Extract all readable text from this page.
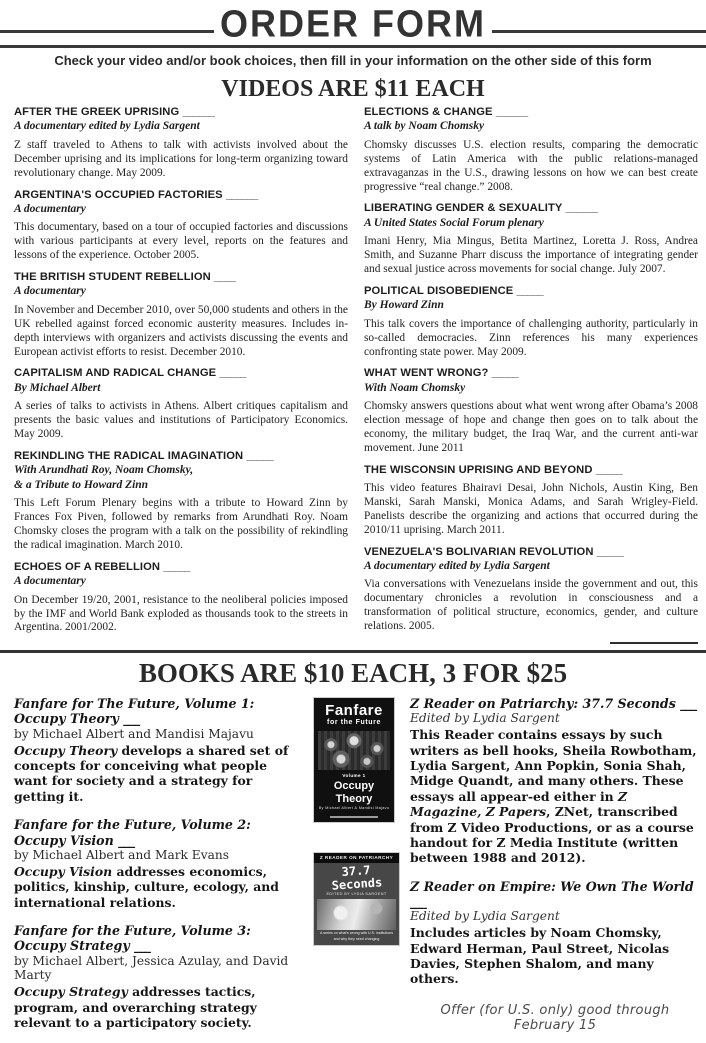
ORDER FORM

Check your video and/or book choices, then fill in your information on the other side of this form

VIDEOS ARE $11 EACH
AFTER THE GREEK UPRISING ______

A documentary edited by Lydia Sargent

Z staff traveled to Athens to talk with activists involved about the December uprising and its implications for long-term organizing toward revolutionary change. May 2009.

ARGENTINA'S OCCUPIED FACTORIES ______

A documentary

This documentary, based on a tour of occupied factories and discussions with various participants at every level, reports on the features and lessons of the experience. October 2005.

THE BRITISH STUDENT REBELLION ____

A documentary

In November and December 2010, over 50,000 students and others in the UK rebelled against forced economic austerity measures. Includes in-depth interviews with organizers and activists discussing the events and European activist efforts to resist. December 2010.

CAPITALISM AND RADICAL CHANGE _____

By Michael Albert

A series of talks to activists in Athens. Albert critiques capitalism and presents the basic values and institutions of Participatory Economics. May 2009.

REKINDLING THE RADICAL IMAGINATION _____

With Arundhati Roy, Noam Chomsky,

& a Tribute to Howard Zinn

This Left Forum Plenary begins with a tribute to Howard Zinn by Frances Fox Piven, followed by remarks from Arundhati Roy. Noam Chomsky closes the program with a talk on the possibility of rekindling the radical imagination. March 2010.

ECHOES OF A REBELLION _____

A documentary

On December 19/20, 2001, resistance to the neoliberal policies imposed by the IMF and World Bank exploded as thousands took to the streets in Argentina. 2001/2002.

ELECTIONS & CHANGE ______

A talk by Noam Chomsky

Chomsky discusses U.S. election results, comparing the democratic systems of Latin America with the public relations-managed extravaganzas in the U.S., drawing lessons on how we can best create progressive “real change.” 2008.

LIBERATING GENDER & SEXUALITY ______

A United States Social Forum plenary

Imani Henry, Mia Mingus, Betita Martinez, Loretta J. Ross, Andrea Smith, and Suzanne Pharr discuss the importance of integrating gender and sexual justice across movements for social change. July 2007.

POLITICAL DISOBEDIENCE _____

By Howard Zinn

This talk covers the importance of challenging authority, particularly in so-called democracies. Zinn references his many experiences confronting state power. May 2009.

WHAT WENT WRONG? _____

With Noam Chomsky

Chomsky answers questions about what went wrong after Obama’s 2008 election message of hope and change then goes on to talk about the economy, the military budget, the Iraq War, and the current anti-war movement. June 2011

THE WISCONSIN UPRISING AND BEYOND _____

This video features Bhairavi Desai, John Nichols, Austin King, Ben Manski, Sarah Manski, Monica Adams, and Sarah Wrigley-Field. Panelists describe the organizing and actions that occurred during the 2010/11 uprising. March 2011.

VENEZUELA'S BOLIVARIAN REVOLUTION _____

A documentary edited by Lydia Sargent

Via conversations with Venezuelans inside the government and out, this documentary chronicles a revolution in consciousness and a transformation of political structure, economics, gender, and culture relations. 2005.

BOOKS ARE $10 EACH, 3 FOR $25
Fanfare for The Future, Volume 1: Occupy Theory ___

by Michael Albert and Mandisi Majavu

Occupy Theory develops a shared set of concepts for conceiving what people want for society and a strategy for getting it.

Fanfare for the Future, Volume 2: Occupy Vision ___

by Michael Albert and Mark Evans

Occupy Vision addresses economics, politics, kinship, culture, ecology, and international relations.

Fanfare for the Future, Volume 3: Occupy Strategy ___

by Michael Albert, Jessica Azulay, and David Marty

Occupy Strategy addresses tactics, program, and overarching strategy relevant to a participatory society.

Fanfare
for the Future
Volume 1
Occupy Theory
By Michael Albert & Mandisi Majavu
Z READER ON PATRIARCHY
37.7 Seconds
EDITED BY LYDIA SARGENT
A series on what's wrong with U.S. institutions and why they need changing
Z Reader on Patriarchy: 37.7 Seconds ___

Edited by Lydia Sargent

This Reader contains essays by such writers as bell hooks, Sheila Rowbotham, Lydia Sargent, Ann Popkin, Sonia Shah, Midge Quandt, and many others. These essays all appear-ed either in Z Magazine, Z Papers, ZNet, transcribed from Z Video Productions, or as a course handout for Z Media Institute (written between 1988 and 2012).

Z Reader on Empire: We Own The World ___

Edited by Lydia Sargent

Includes articles by Noam Chomsky, Edward Herman, Paul Street, Nicolas Davies, Stephen Shalom, and many others.

Offer (for U.S. only) good through February 15
